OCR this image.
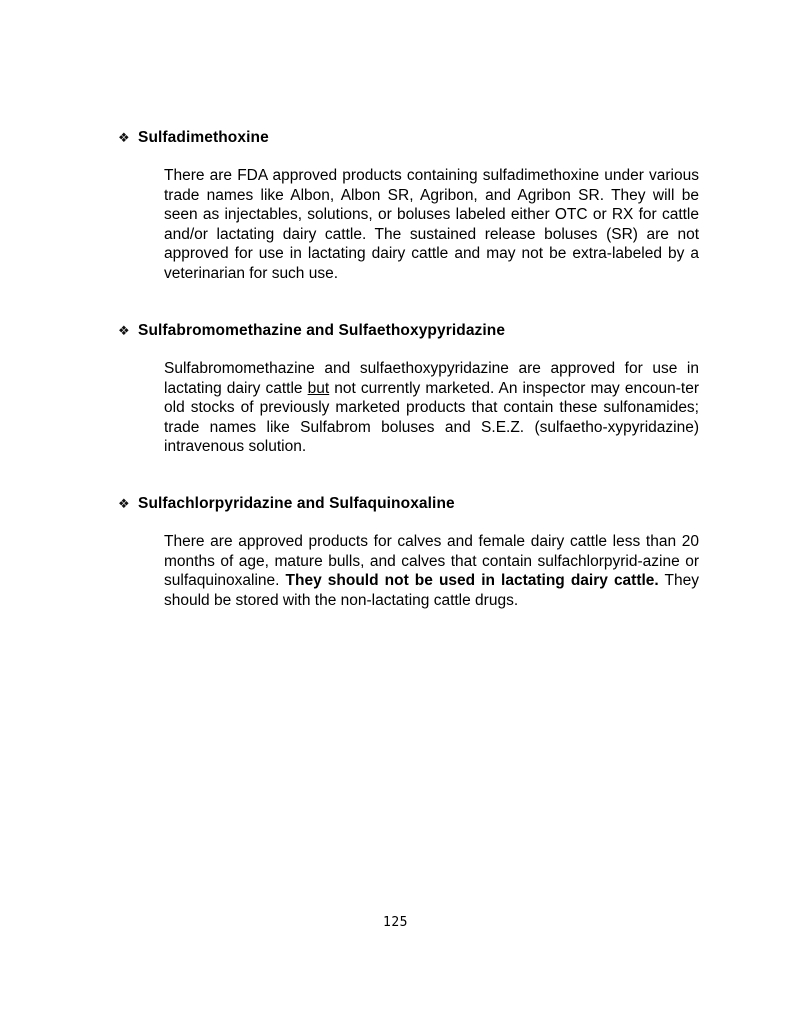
❖ Sulfadimethoxine

There are FDA approved products containing sulfadimethoxine under various trade names like Albon, Albon SR, Agribon, and Agribon SR. They will be seen as injectables, solutions, or boluses labeled either OTC or RX for cattle and/or lactating dairy cattle. The sustained release boluses (SR) are not approved for use in lactating dairy cattle and may not be extra-labeled by a veterinarian for such use.

❖ Sulfabromomethazine and Sulfaethoxypyridazine

Sulfabromomethazine and sulfaethoxypyridazine are approved for use in lactating dairy cattle but not currently marketed. An inspector may encoun-ter old stocks of previously marketed products that contain these sulfonamides; trade names like Sulfabrom boluses and S.E.Z. (sulfaetho-xypyridazine) intravenous solution.

❖ Sulfachlorpyridazine and Sulfaquinoxaline

There are approved products for calves and female dairy cattle less than 20 months of age, mature bulls, and calves that contain sulfachlorpyrid-azine or sulfaquinoxaline. They should not be used in lactating dairy cattle. They should be stored with the non-lactating cattle drugs.

125
